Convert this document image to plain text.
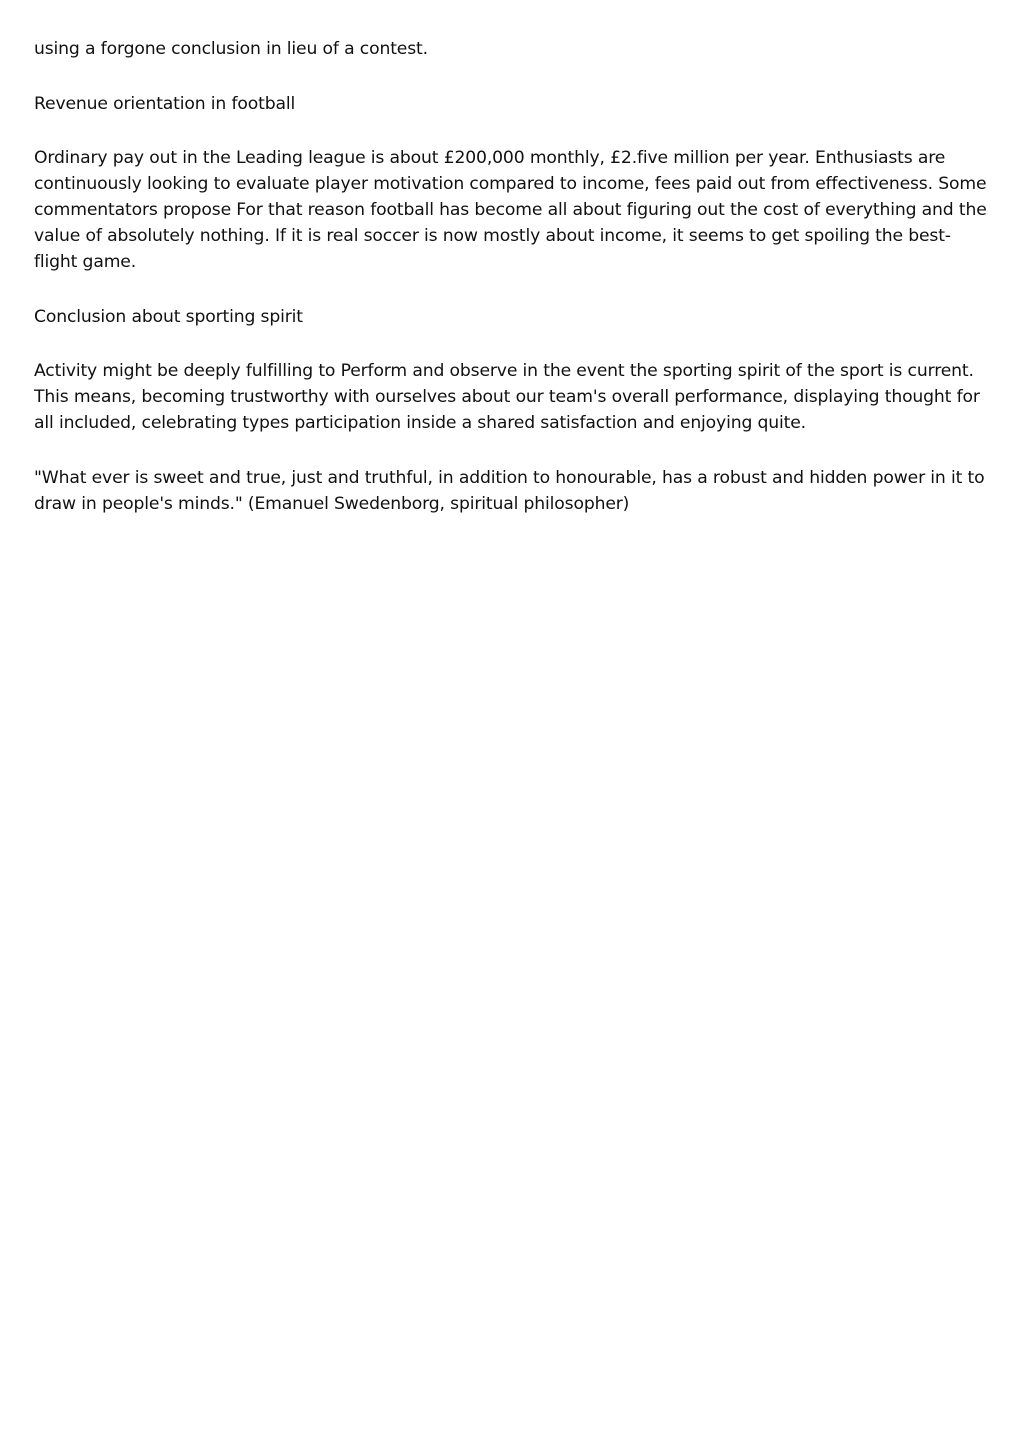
using a forgone conclusion in lieu of a contest.

Revenue orientation in football

Ordinary pay out in the Leading league is about £200,000 monthly, £2.five million per year. Enthusiasts are continuously looking to evaluate player motivation compared to income, fees paid out from effectiveness. Some commentators propose For that reason football has become all about figuring out the cost of everything and the value of absolutely nothing. If it is real soccer is now mostly about income, it seems to get spoiling the best-flight game.

Conclusion about sporting spirit

Activity might be deeply fulfilling to Perform and observe in the event the sporting spirit of the sport is current. This means, becoming trustworthy with ourselves about our team's overall performance, displaying thought for all included, celebrating types participation inside a shared satisfaction and enjoying quite.

"What ever is sweet and true, just and truthful, in addition to honourable, has a robust and hidden power in it to draw in people's minds." (Emanuel Swedenborg, spiritual philosopher)
